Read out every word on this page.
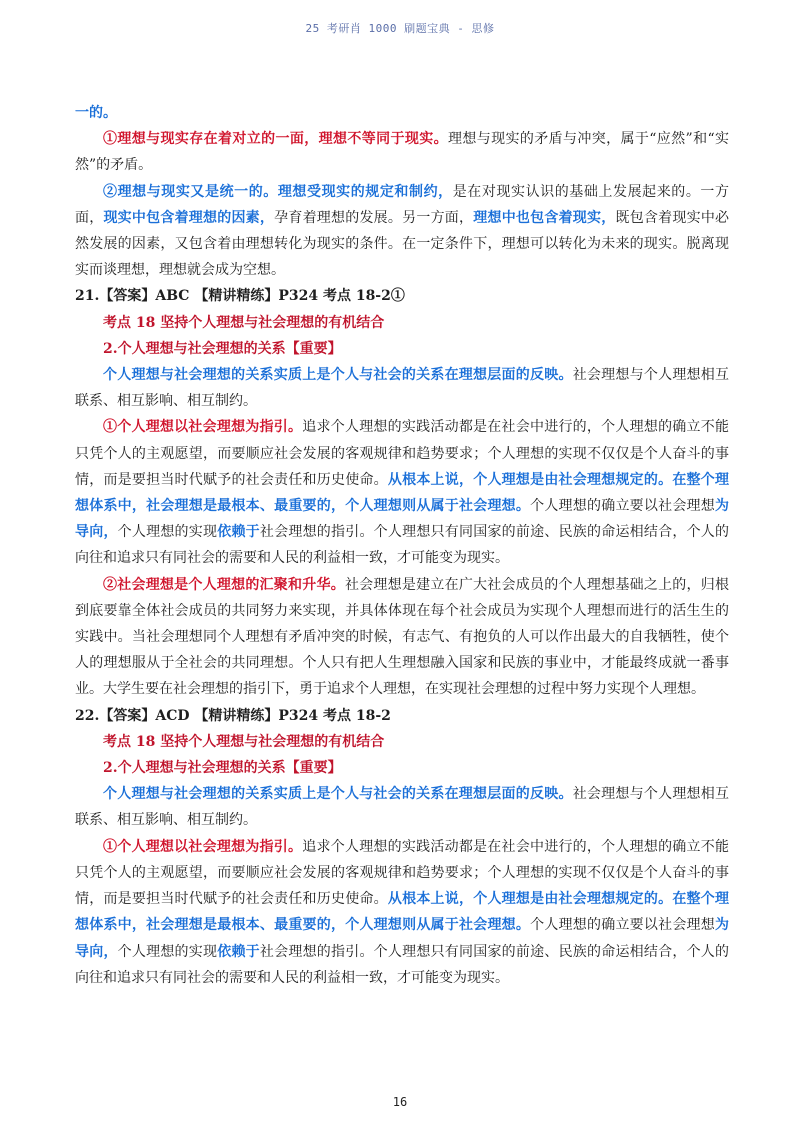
25 考研肖 1000 刷题宝典 - 思修

一的。

①理想与现实存在着对立的一面，理想不等同于现实。理想与现实的矛盾与冲突，属于“应然”和“实然”的矛盾。

②理想与现实又是统一的。理想受现实的规定和制约，是在对现实认识的基础上发展起来的。一方面，现实中包含着理想的因素，孕育着理想的发展。另一方面，理想中也包含着现实，既包含着现实中必然发展的因素，又包含着由理想转化为现实的条件。在一定条件下，理想可以转化为未来的现实。脱离现实而谈理想，理想就会成为空想。

21.【答案】ABC 【精讲精练】P324 考点 18-2①

考点 18 坚持个人理想与社会理想的有机结合

2.个人理想与社会理想的关系【重要】

个人理想与社会理想的关系实质上是个人与社会的关系在理想层面的反映。社会理想与个人理想相互联系、相互影响、相互制约。

①个人理想以社会理想为指引。追求个人理想的实践活动都是在社会中进行的，个人理想的确立不能只凭个人的主观愿望，而要顺应社会发展的客观规律和趋势要求；个人理想的实现不仅仅是个人奋斗的事情，而是要担当时代赋予的社会责任和历史使命。从根本上说，个人理想是由社会理想规定的。在整个理想体系中，社会理想是最根本、最重要的，个人理想则从属于社会理想。个人理想的确立要以社会理想为导向，个人理想的实现依赖于社会理想的指引。个人理想只有同国家的前途、民族的命运相结合，个人的向往和追求只有同社会的需要和人民的利益相一致，才可能变为现实。

②社会理想是个人理想的汇聚和升华。社会理想是建立在广大社会成员的个人理想基础之上的，归根到底要靠全体社会成员的共同努力来实现，并具体体现在每个社会成员为实现个人理想而进行的活生生的实践中。当社会理想同个人理想有矛盾冲突的时候，有志气、有抱负的人可以作出最大的自我牺牲，使个人的理想服从于全社会的共同理想。个人只有把人生理想融入国家和民族的事业中，才能最终成就一番事业。大学生要在社会理想的指引下，勇于追求个人理想，在实现社会理想的过程中努力实现个人理想。

22.【答案】ACD 【精讲精练】P324 考点 18-2

考点 18 坚持个人理想与社会理想的有机结合

2.个人理想与社会理想的关系【重要】

个人理想与社会理想的关系实质上是个人与社会的关系在理想层面的反映。社会理想与个人理想相互联系、相互影响、相互制约。

①个人理想以社会理想为指引。追求个人理想的实践活动都是在社会中进行的，个人理想的确立不能只凭个人的主观愿望，而要顺应社会发展的客观规律和趋势要求；个人理想的实现不仅仅是个人奋斗的事情，而是要担当时代赋予的社会责任和历史使命。从根本上说，个人理想是由社会理想规定的。在整个理想体系中，社会理想是最根本、最重要的，个人理想则从属于社会理想。个人理想的确立要以社会理想为导向，个人理想的实现依赖于社会理想的指引。个人理想只有同国家的前途、民族的命运相结合，个人的向往和追求只有同社会的需要和人民的利益相一致，才可能变为现实。

16
